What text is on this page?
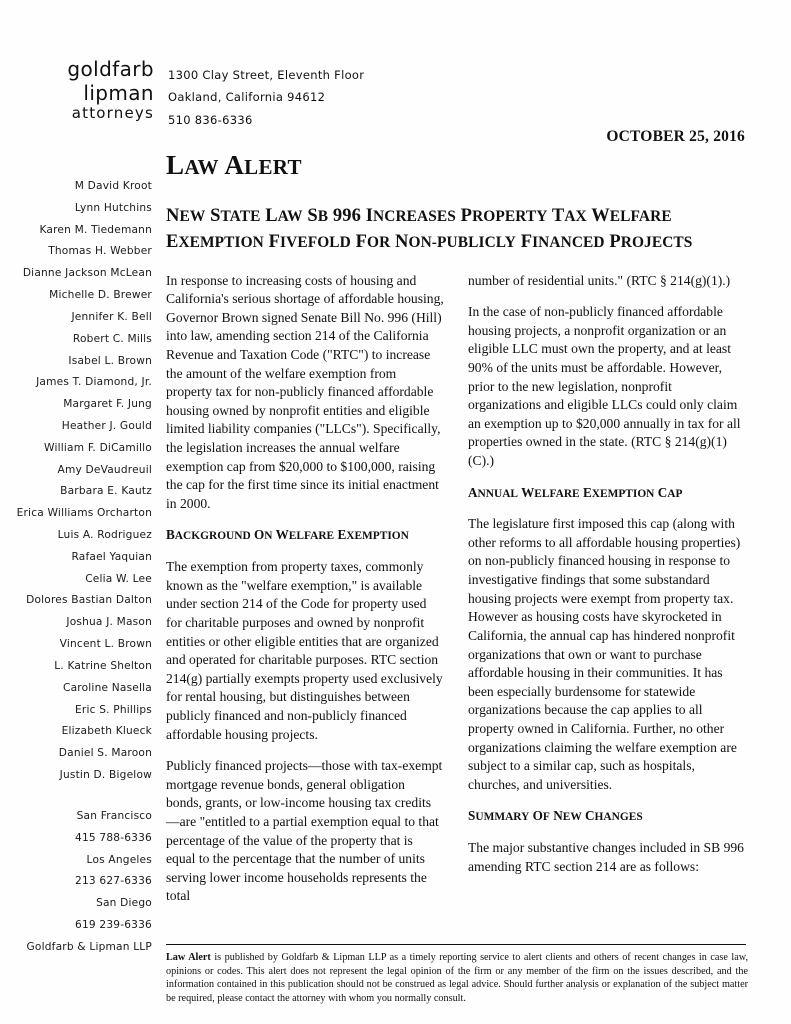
goldfarb
lipman
attorneys
1300 Clay Street, Eleventh Floor
Oakland, California 94612
510 836-6336
OCTOBER 25, 2016
M David Kroot
Lynn Hutchins
Karen M. Tiedemann
Thomas H. Webber
Dianne Jackson McLean
Michelle D. Brewer
Jennifer K. Bell
Robert C. Mills
Isabel L. Brown
James T. Diamond, Jr.
Margaret F. Jung
Heather J. Gould
William F. DiCamillo
Amy DeVaudreuil
Barbara E. Kautz
Erica Williams Orcharton
Luis A. Rodriguez
Rafael Yaquian
Celia W. Lee
Dolores Bastian Dalton
Joshua J. Mason
Vincent L. Brown
L. Katrine Shelton
Caroline Nasella
Eric S. Phillips
Elizabeth Klueck
Daniel S. Maroon
Justin D. Bigelow
San Francisco
415 788-6336
Los Angeles
213 627-6336
San Diego
619 239-6336
Goldfarb & Lipman LLP
LAW ALERT
NEW STATE LAW SB 996 INCREASES PROPERTY TAX WELFARE EXEMPTION FIVEFOLD FOR NON-PUBLICLY FINANCED PROJECTS

In response to increasing costs of housing and California's serious shortage of affordable housing, Governor Brown signed Senate Bill No. 996 (Hill) into law, amending section 214 of the California Revenue and Taxation Code ("RTC") to increase the amount of the welfare exemption from property tax for non-publicly financed affordable housing owned by nonprofit entities and eligible limited liability companies ("LLCs"). Specifically, the legislation increases the annual welfare exemption cap from $20,000 to $100,000, raising the cap for the first time since its initial enactment in 2000.

BACKGROUND ON WELFARE EXEMPTION

The exemption from property taxes, commonly known as the "welfare exemption," is available under section 214 of the Code for property used for charitable purposes and owned by nonprofit entities or other eligible entities that are organized and operated for charitable purposes. RTC section 214(g) partially exempts property used exclusively for rental housing, but distinguishes between publicly financed and non-publicly financed affordable housing projects.

Publicly financed projects—those with tax-exempt mortgage revenue bonds, general obligation bonds, grants, or low-income housing tax credits—are "entitled to a partial exemption equal to that percentage of the value of the property that is equal to the percentage that the number of units serving lower income households represents the total

number of residential units." (RTC § 214(g)(1).)

In the case of non-publicly financed affordable housing projects, a nonprofit organization or an eligible LLC must own the property, and at least 90% of the units must be affordable. However, prior to the new legislation, nonprofit organizations and eligible LLCs could only claim an exemption up to $20,000 annually in tax for all properties owned in the state. (RTC § 214(g)(1)(C).)

ANNUAL WELFARE EXEMPTION CAP

The legislature first imposed this cap (along with other reforms to all affordable housing properties) on non-publicly financed housing in response to investigative findings that some substandard housing projects were exempt from property tax. However as housing costs have skyrocketed in California, the annual cap has hindered nonprofit organizations that own or want to purchase affordable housing in their communities. It has been especially burdensome for statewide organizations because the cap applies to all property owned in California. Further, no other organizations claiming the welfare exemption are subject to a similar cap, such as hospitals, churches, and universities.

SUMMARY OF NEW CHANGES

The major substantive changes included in SB 996 amending RTC section 214 are as follows:

Law Alert is published by Goldfarb & Lipman LLP as a timely reporting service to alert clients and others of recent changes in case law, opinions or codes. This alert does not represent the legal opinion of the firm or any member of the firm on the issues described, and the information contained in this publication should not be construed as legal advice. Should further analysis or explanation of the subject matter be required, please contact the attorney with whom you normally consult.
